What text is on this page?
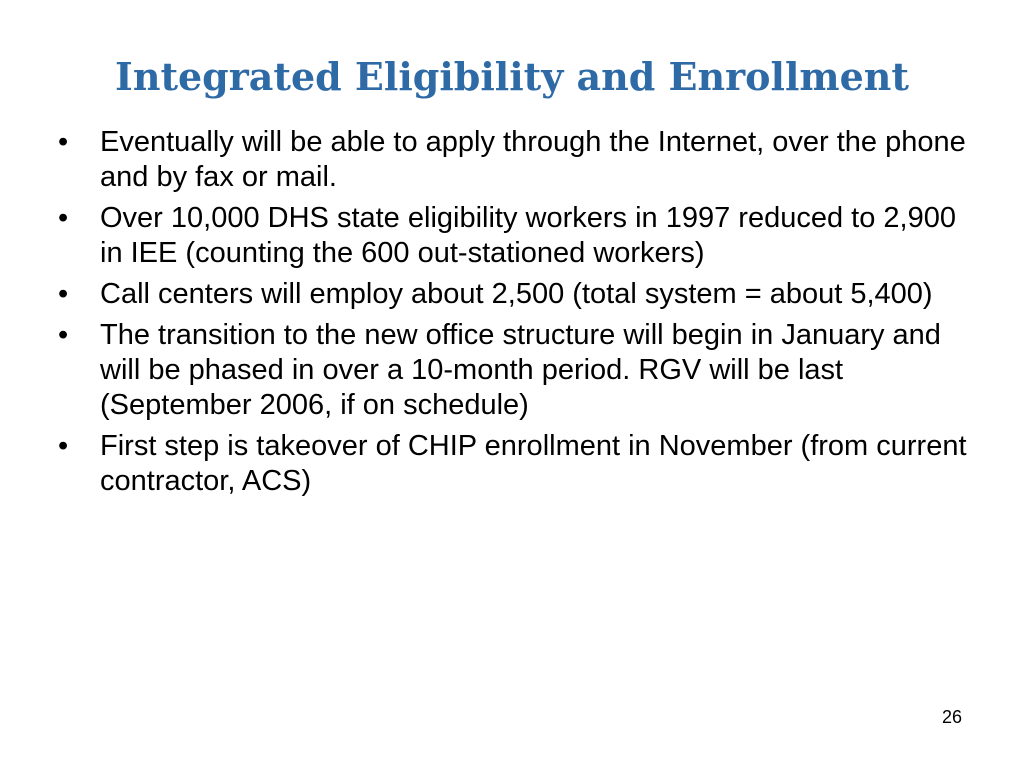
Integrated Eligibility and Enrollment
•	Eventually will be able to apply through the Internet, over the phone and by fax or mail.
•	Over 10,000 DHS state eligibility workers in 1997 reduced to 2,900 in IEE (counting the 600 out-stationed workers)
•	Call centers will employ about 2,500 (total system = about 5,400)
•	The transition to the new office structure will begin in January and will be phased in over a 10-month period. RGV will be last (September 2006, if on schedule)
•	First step is takeover of CHIP enrollment in November (from current contractor, ACS)
26
